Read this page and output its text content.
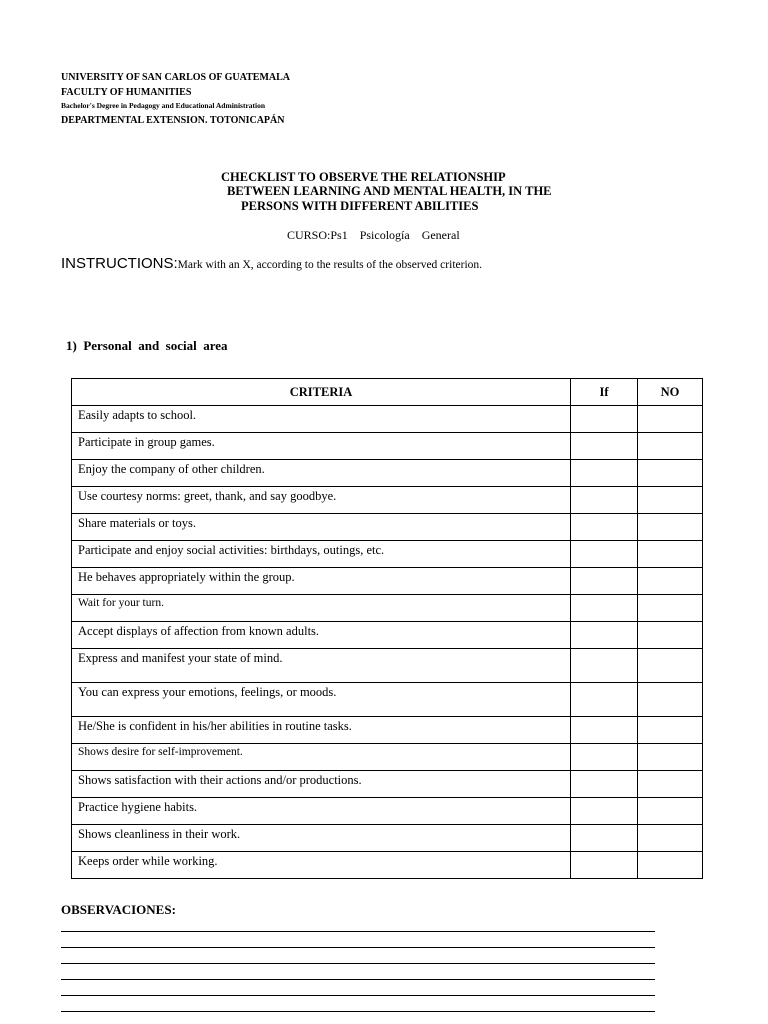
UNIVERSITY OF SAN CARLOS OF GUATEMALA
FACULTY OF HUMANITIES
Bachelor's Degree in Pedagogy and Educational Administration
DEPARTMENTAL EXTENSION. TOTONICAPÁN
CHECKLIST TO OBSERVE THE RELATIONSHIP
BETWEEN LEARNING AND MENTAL HEALTH, IN THE
PERSONS WITH DIFFERENT ABILITIES
CURSO:Ps1    Psicología    General
INSTRUCTIONS:Mark with an X, according to the results of the observed criterion.
1)  Personal  and  social  area
CRITERIA	If	NO
Easily adapts to school.		
Participate in group games.		
Enjoy the company of other children.		
Use courtesy norms: greet, thank, and say goodbye.		
Share materials or toys.		
Participate and enjoy social activities: birthdays, outings, etc.		
He behaves appropriately within the group.		
Wait for your turn.		
Accept displays of affection from known adults.		
Express and manifest your state of mind.		
You can express your emotions, feelings, or moods.		
He/She is confident in his/her abilities in routine tasks.		
Shows desire for self-improvement.		
Shows satisfaction with their actions and/or productions.		
Practice hygiene habits.		
Shows cleanliness in their work.		
Keeps order while working.		
OBSERVACIONES:
